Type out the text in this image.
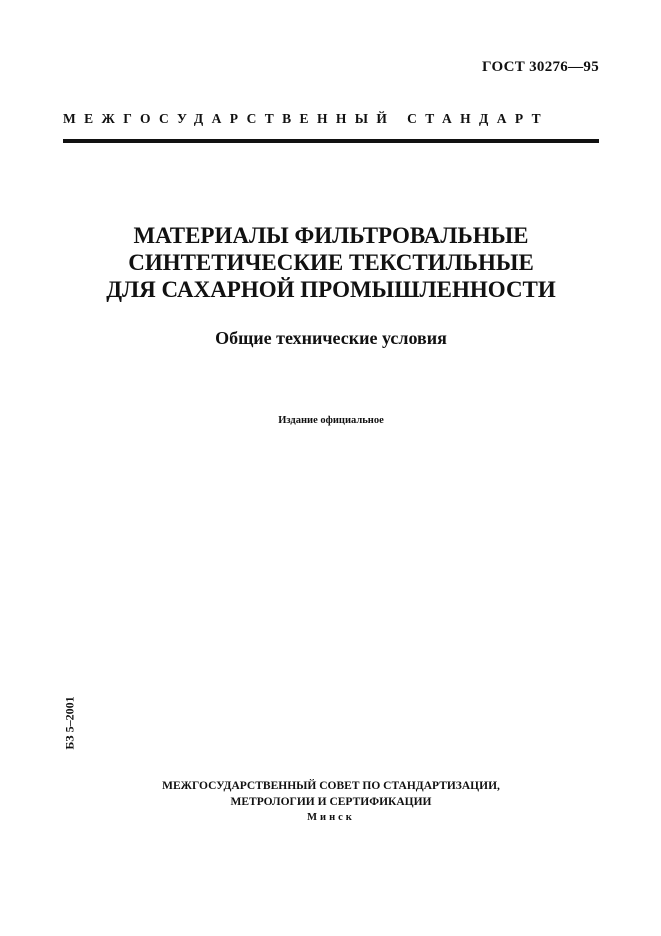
ГОСТ 30276—95
МЕЖГОСУДАРСТВЕННЫЙ СТАНДАРТ
МАТЕРИАЛЫ ФИЛЬТРОВАЛЬНЫЕ
СИНТЕТИЧЕСКИЕ ТЕКСТИЛЬНЫЕ
ДЛЯ САХАРНОЙ ПРОМЫШЛЕННОСТИ
Общие технические условия
Издание официальное
БЗ 5–2001
МЕЖГОСУДАРСТВЕННЫЙ СОВЕТ ПО СТАНДАРТИЗАЦИИ,
МЕТРОЛОГИИ И СЕРТИФИКАЦИИ
Минск
